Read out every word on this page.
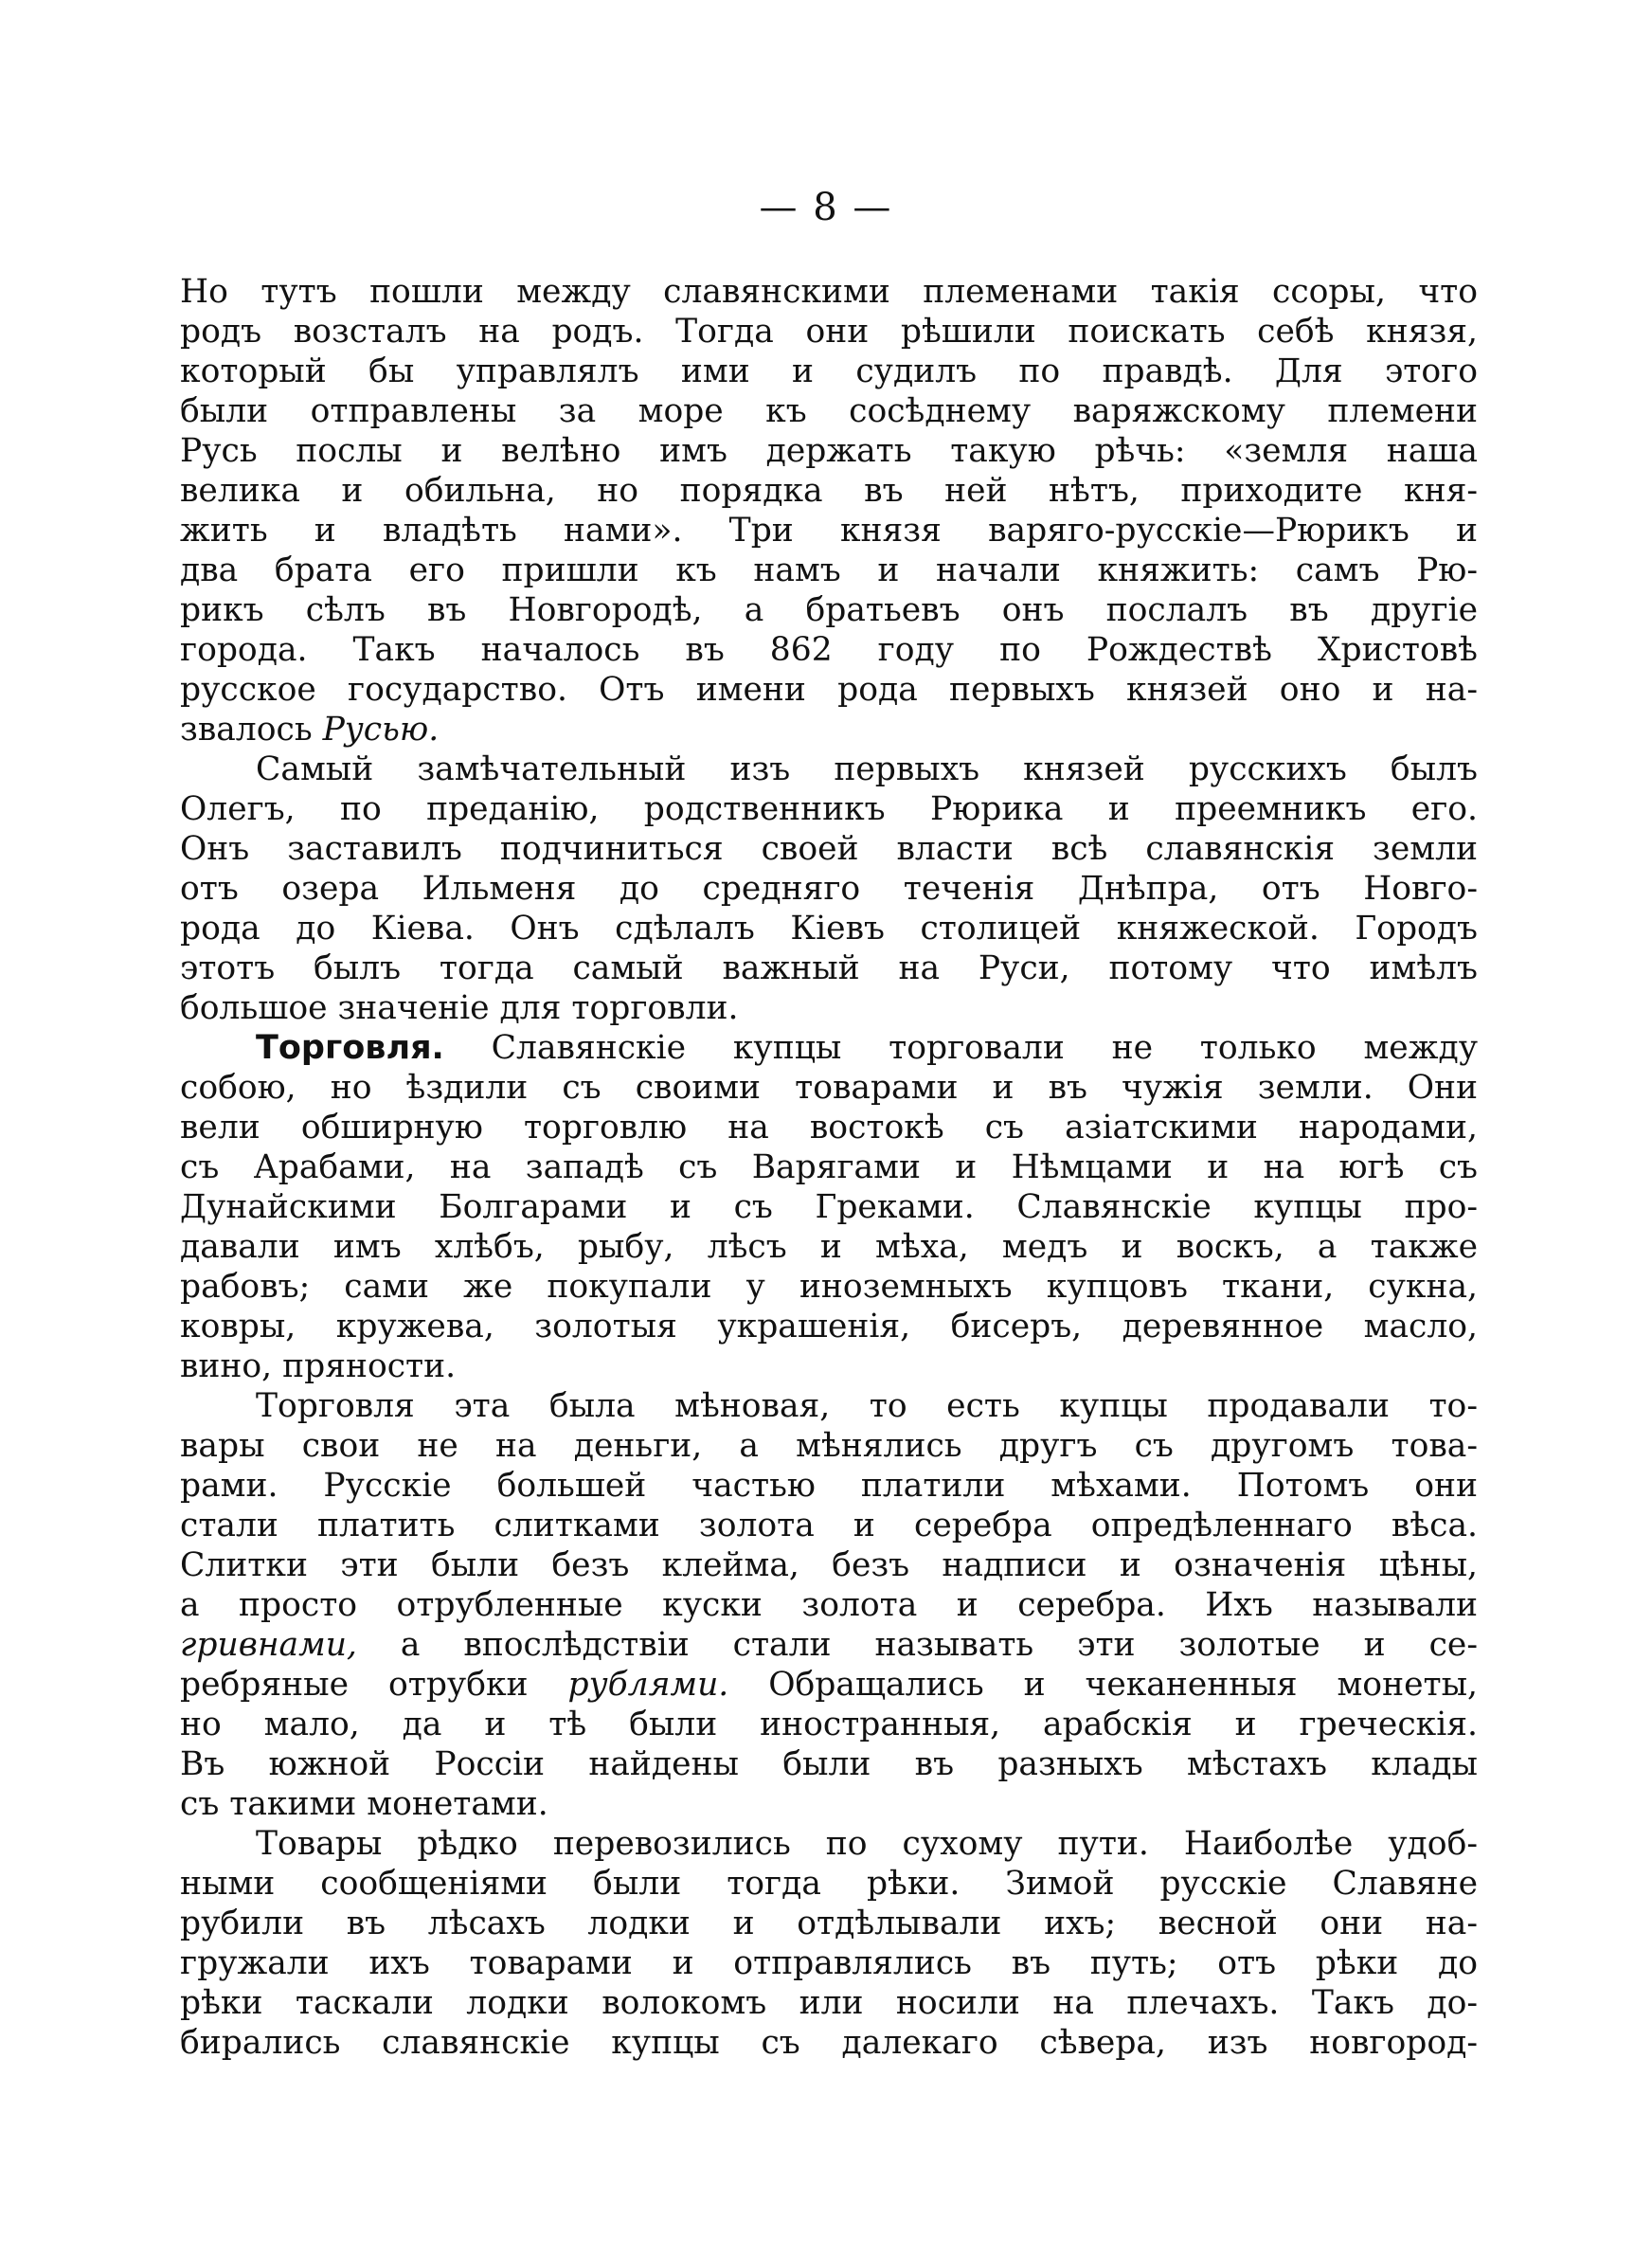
— 8 —
Но тутъ пошли между славянскими племенами такія ссоры, что
родъ возсталъ на родъ. Тогда они рѣшили поискать себѣ князя,
который бы управлялъ ими и судилъ по правдѣ. Для этого
были отправлены за море къ сосѣднему варяжскому племени
Русь послы и велѣно имъ держать такую рѣчь: «земля наша
велика и обильна, но порядка въ ней нѣтъ, приходите кня-
жить и владѣть нами». Три князя варяго-русскіе—Рюрикъ и
два брата его пришли къ намъ и начали княжить: самъ Рю-
рикъ сѣлъ въ Новгородѣ, а братьевъ онъ послалъ въ другіе
города. Такъ началось въ 862 году по Рождествѣ Христовѣ
русское государство. Отъ имени рода первыхъ князей оно и на-
звалось Русью.
Самый замѣчательный изъ первыхъ князей русскихъ былъ
Олегъ, по преданію, родственникъ Рюрика и преемникъ его.
Онъ заставилъ подчиниться своей власти всѣ славянскія земли
отъ озера Ильменя до средняго теченія Днѣпра, отъ Новго-
рода до Кіева. Онъ сдѣлалъ Кіевъ столицей княжеской. Городъ
этотъ былъ тогда самый важный на Руси, потому что имѣлъ
большое значеніе для торговли.
Торговля. Славянскіе купцы торговали не только между
собою, но ѣздили съ своими товарами и въ чужія земли. Они
вели обширную торговлю на востокѣ съ азіатскими народами,
съ Арабами, на западѣ съ Варягами и Нѣмцами и на югѣ съ
Дунайскими Болгарами и съ Греками. Славянскіе купцы про-
давали имъ хлѣбъ, рыбу, лѣсъ и мѣха, медъ и воскъ, а также
рабовъ; сами же покупали у иноземныхъ купцовъ ткани, сукна,
ковры, кружева, золотыя украшенія, бисеръ, деревянное масло,
вино, пряности.
Торговля эта была мѣновая, то есть купцы продавали то-
вары свои не на деньги, а мѣнялись другъ съ другомъ това-
рами. Русскіе большей частью платили мѣхами. Потомъ они
стали платить слитками золота и серебра опредѣленнаго вѣса.
Слитки эти были безъ клейма, безъ надписи и означенія цѣны,
а просто отрубленные куски золота и серебра. Ихъ называли
гривнами, а впослѣдствіи стали называть эти золотые и се-
ребряные отрубки рублями. Обращались и чеканенныя монеты,
но мало, да и тѣ были иностранныя, арабскія и греческія.
Въ южной Россіи найдены были въ разныхъ мѣстахъ клады
съ такими монетами.
Товары рѣдко перевозились по сухому пути. Наиболѣе удоб-
ными сообщеніями были тогда рѣки. Зимой русскіе Славяне
рубили въ лѣсахъ лодки и отдѣлывали ихъ; весной они на-
гружали ихъ товарами и отправлялись въ путь; отъ рѣки до
рѣки таскали лодки волокомъ или носили на плечахъ. Такъ до-
бирались славянскіе купцы съ далекаго сѣвера, изъ новгород-
